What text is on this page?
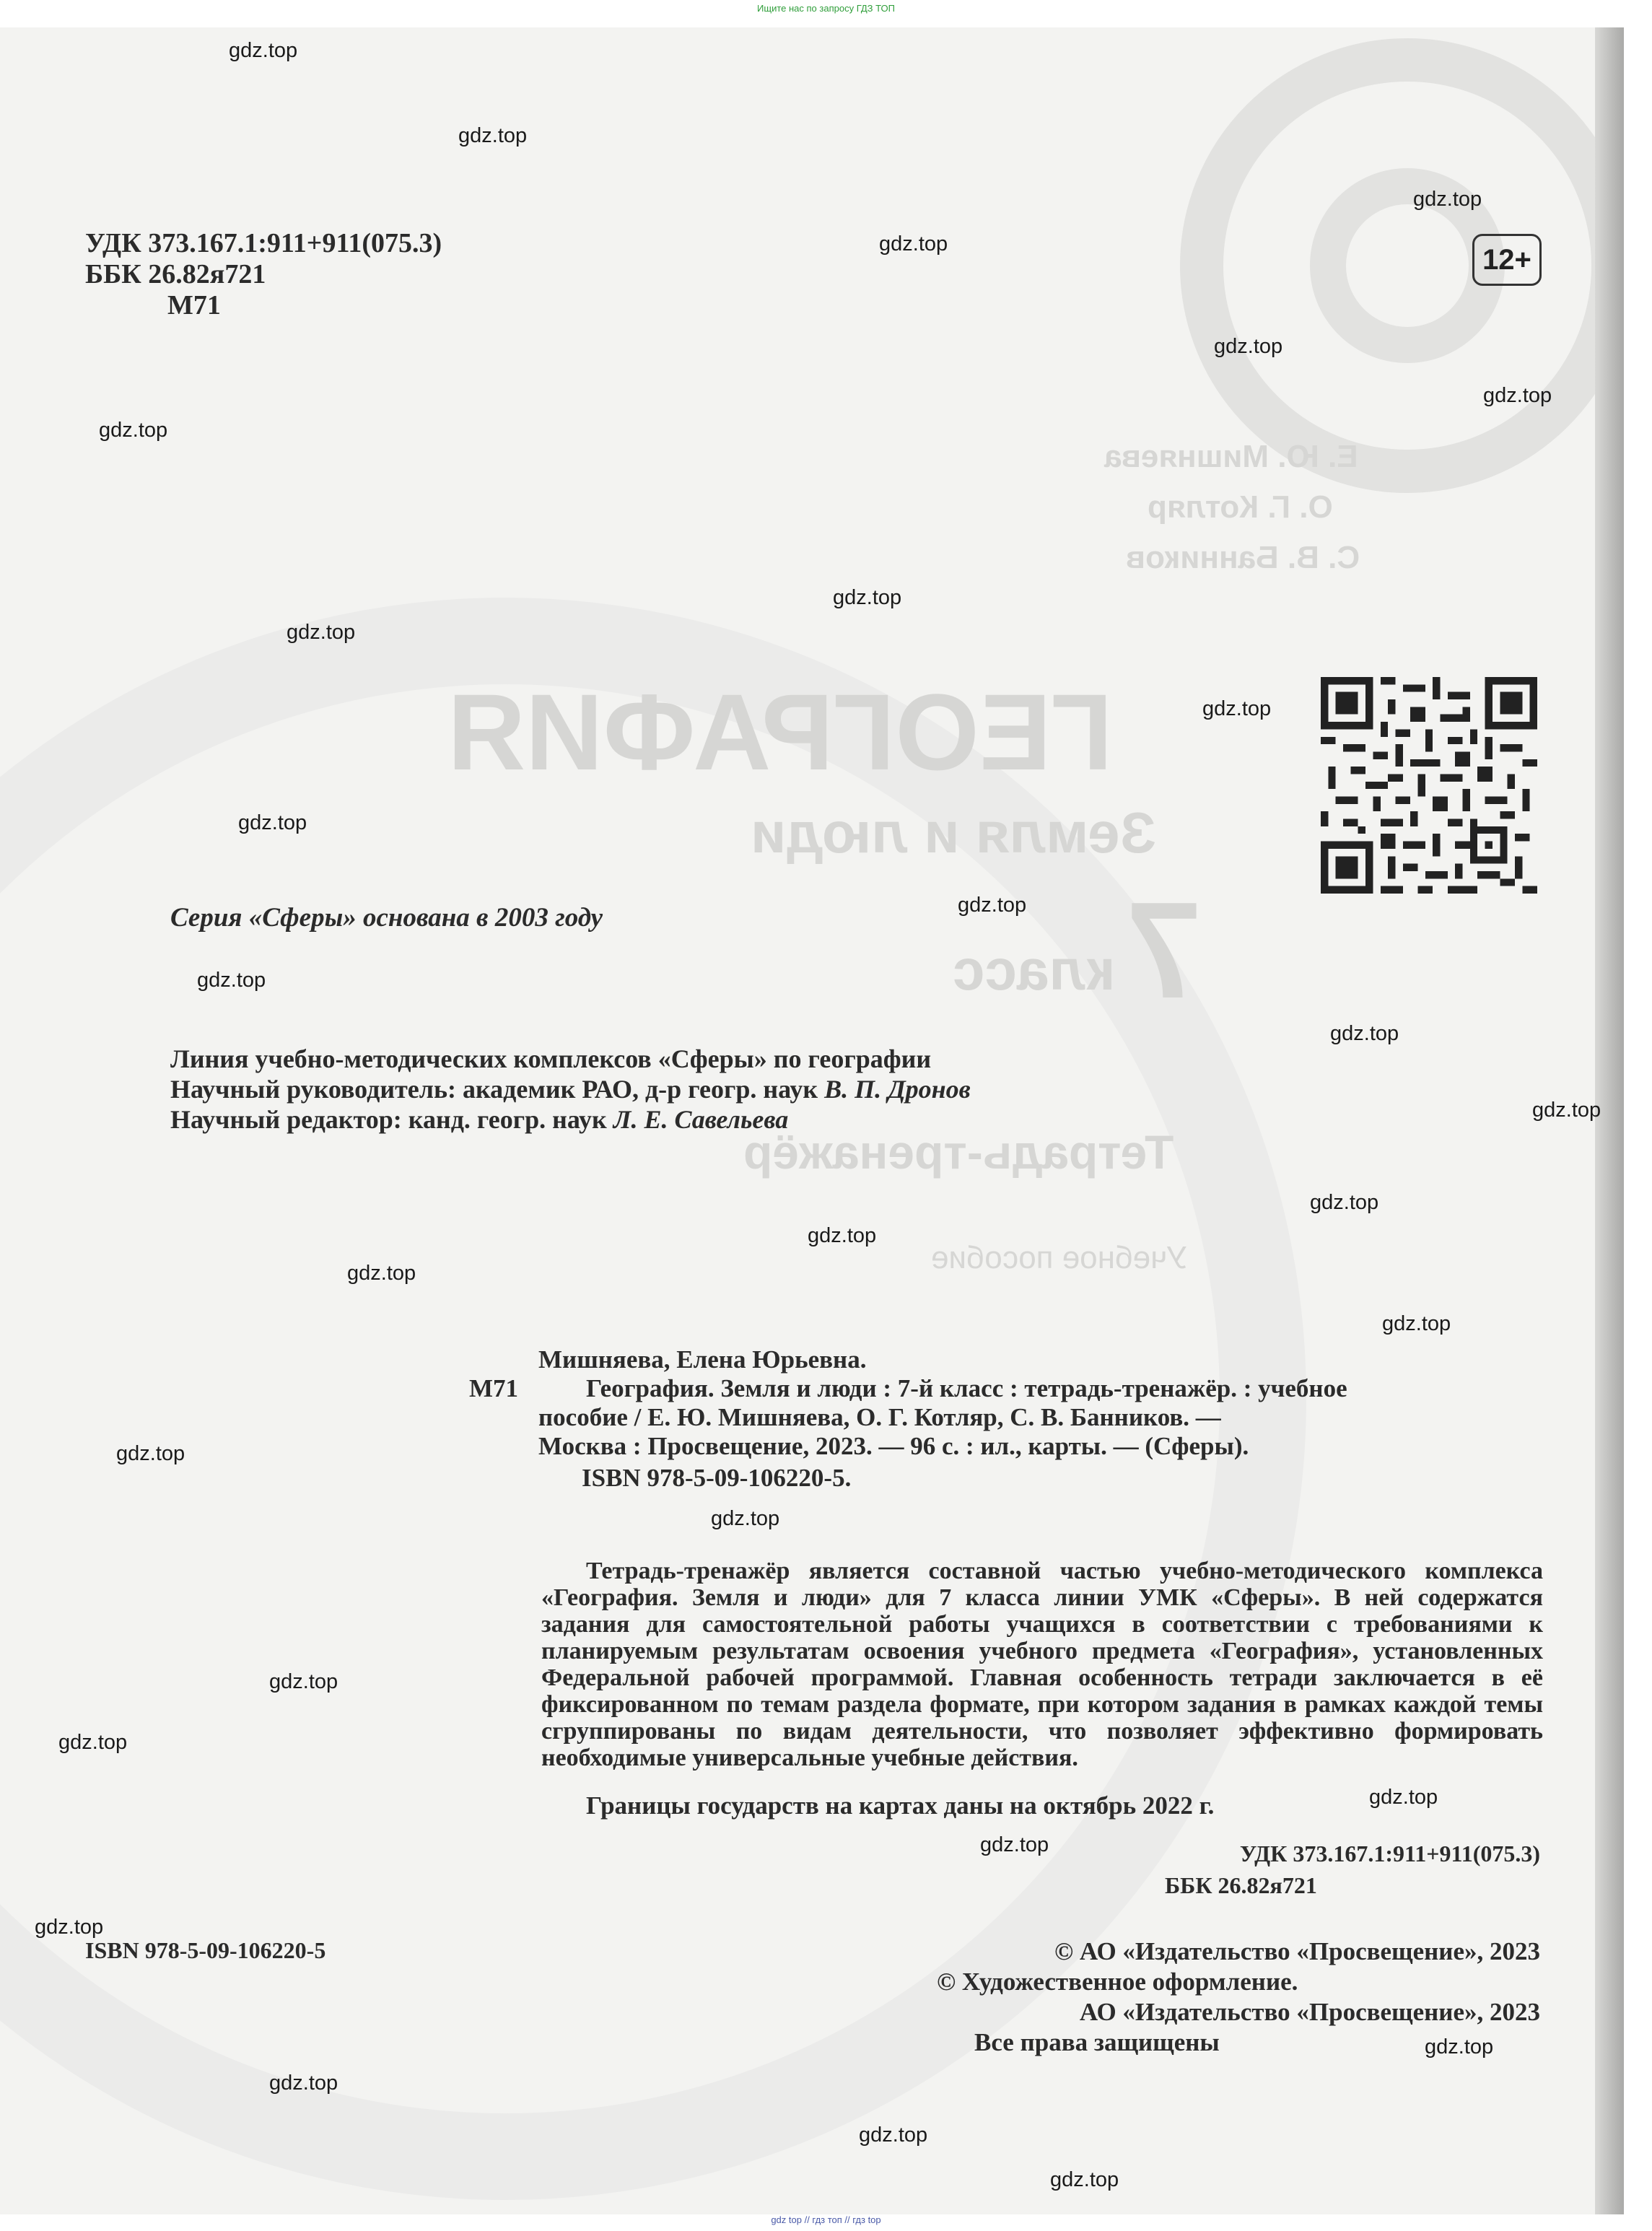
Ищите нас по запросу ГДЗ ТОП
Е. Ю. Мишняева
О. Г. Котляр
С. В. Банников
ГЕОГРАФИЯ
Земля и люди
7
класс
Тетрадь-тренажёр
Учебное пособие
УДК 373.167.1:911+911(075.3)
ББК 26.82я721
М71
12+
Серия «Сферы» основана в 2003 году
Линия учебно-методических комплексов «Сферы» по географии
Научный руководитель: академик РАО, д-р геогр. наук В. П. Дронов
Научный редактор: канд. геогр. наук Л. Е. Савельева
Мишняева, Елена Юрьевна.
М71	География. Земля и люди : 7-й класс : тетрадь-тренажёр. : учебное
пособие / Е. Ю. Мишняева, О. Г. Котляр, С. В. Банников. —
Москва : Просвещение, 2023. — 96 с. : ил., карты. — (Сферы).
ISBN 978-5-09-106220-5.
Тетрадь-тренажёр является составной частью учебно-методического комплекса «География. Земля и люди» для 7 класса линии УМК «Сферы». В ней содержатся задания для самостоятельной работы учащихся в соответствии с требованиями к планируемым результатам освоения учебного предмета «География», установленных Федеральной рабочей программой. Главная особенность тетради заключается в её фиксированном по темам раздела формате, при котором задания в рамках каждой темы сгруппированы по видам деятельности, что позволяет эффективно формировать необходимые универсальные учебные действия.
Границы государств на картах даны на октябрь 2022 г.
УДК 373.167.1:911+911(075.3)
ББК 26.82я721
ISBN 978-5-09-106220-5	© АО «Издательство «Просвещение», 2023
© Художественное оформление.
АО «Издательство «Просвещение», 2023
Все права защищены
gdz.top
gdz.top
gdz.top
gdz.top
gdz.top
gdz.top
gdz.top
gdz.top
gdz.top
gdz.top
gdz.top
gdz.top
gdz.top
gdz.top
gdz.top
gdz.top
gdz.top
gdz.top
gdz.top
gdz.top
gdz.top
gdz.top
gdz.top
gdz.top
gdz.top
gdz.top
gdz.top
gdz.top
gdz.top
gdz.top
gdz top // гдз топ // гдз top
